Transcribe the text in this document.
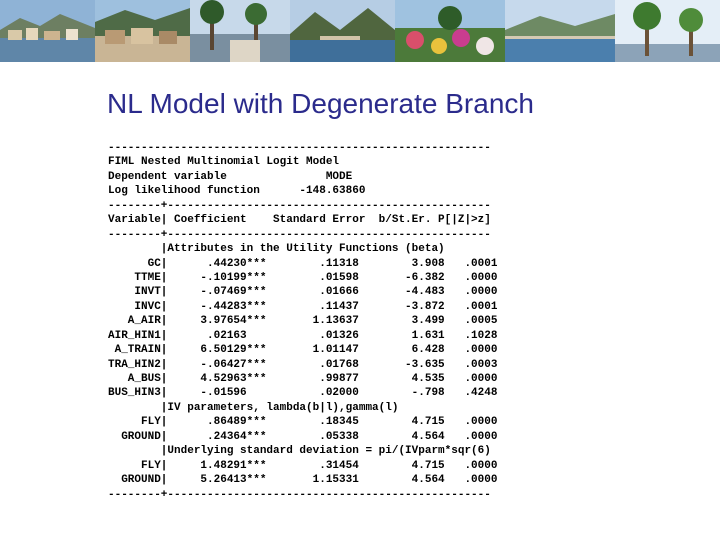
NL Model with Degenerate Branch
----------------------------------------------------------
FIML Nested Multinomial Logit Model
Dependent variable               MODE
Log likelihood function      -148.63860
--------+-------------------------------------------------
Variable| Coefficient    Standard Error  b/St.Er. P[|Z|>z]
--------+-------------------------------------------------
|Attributes in the Utility Functions (beta)
GC|      .44230***        .11318        3.908   .0001
TTME|     -.10199***        .01598       -6.382   .0000
INVT|     -.07469***        .01666       -4.483   .0000
INVC|     -.44283***        .11437       -3.872   .0001
A_AIR|     3.97654***       1.13637        3.499   .0005
AIR_HIN1|      .02163           .01326        1.631   .1028
A_TRAIN|     6.50129***       1.01147        6.428   .0000
TRA_HIN2|     -.06427***        .01768       -3.635   .0003
A_BUS|     4.52963***        .99877        4.535   .0000
BUS_HIN3|     -.01596           .02000        -.798   .4248
|IV parameters, lambda(b|l),gamma(l)
FLY|      .86489***        .18345        4.715   .0000
GROUND|      .24364***        .05338        4.564   .0000
|Underlying standard deviation = pi/(IVparm*sqr(6)
FLY|     1.48291***        .31454        4.715   .0000
GROUND|     5.26413***       1.15331        4.564   .0000
--------+-------------------------------------------------
